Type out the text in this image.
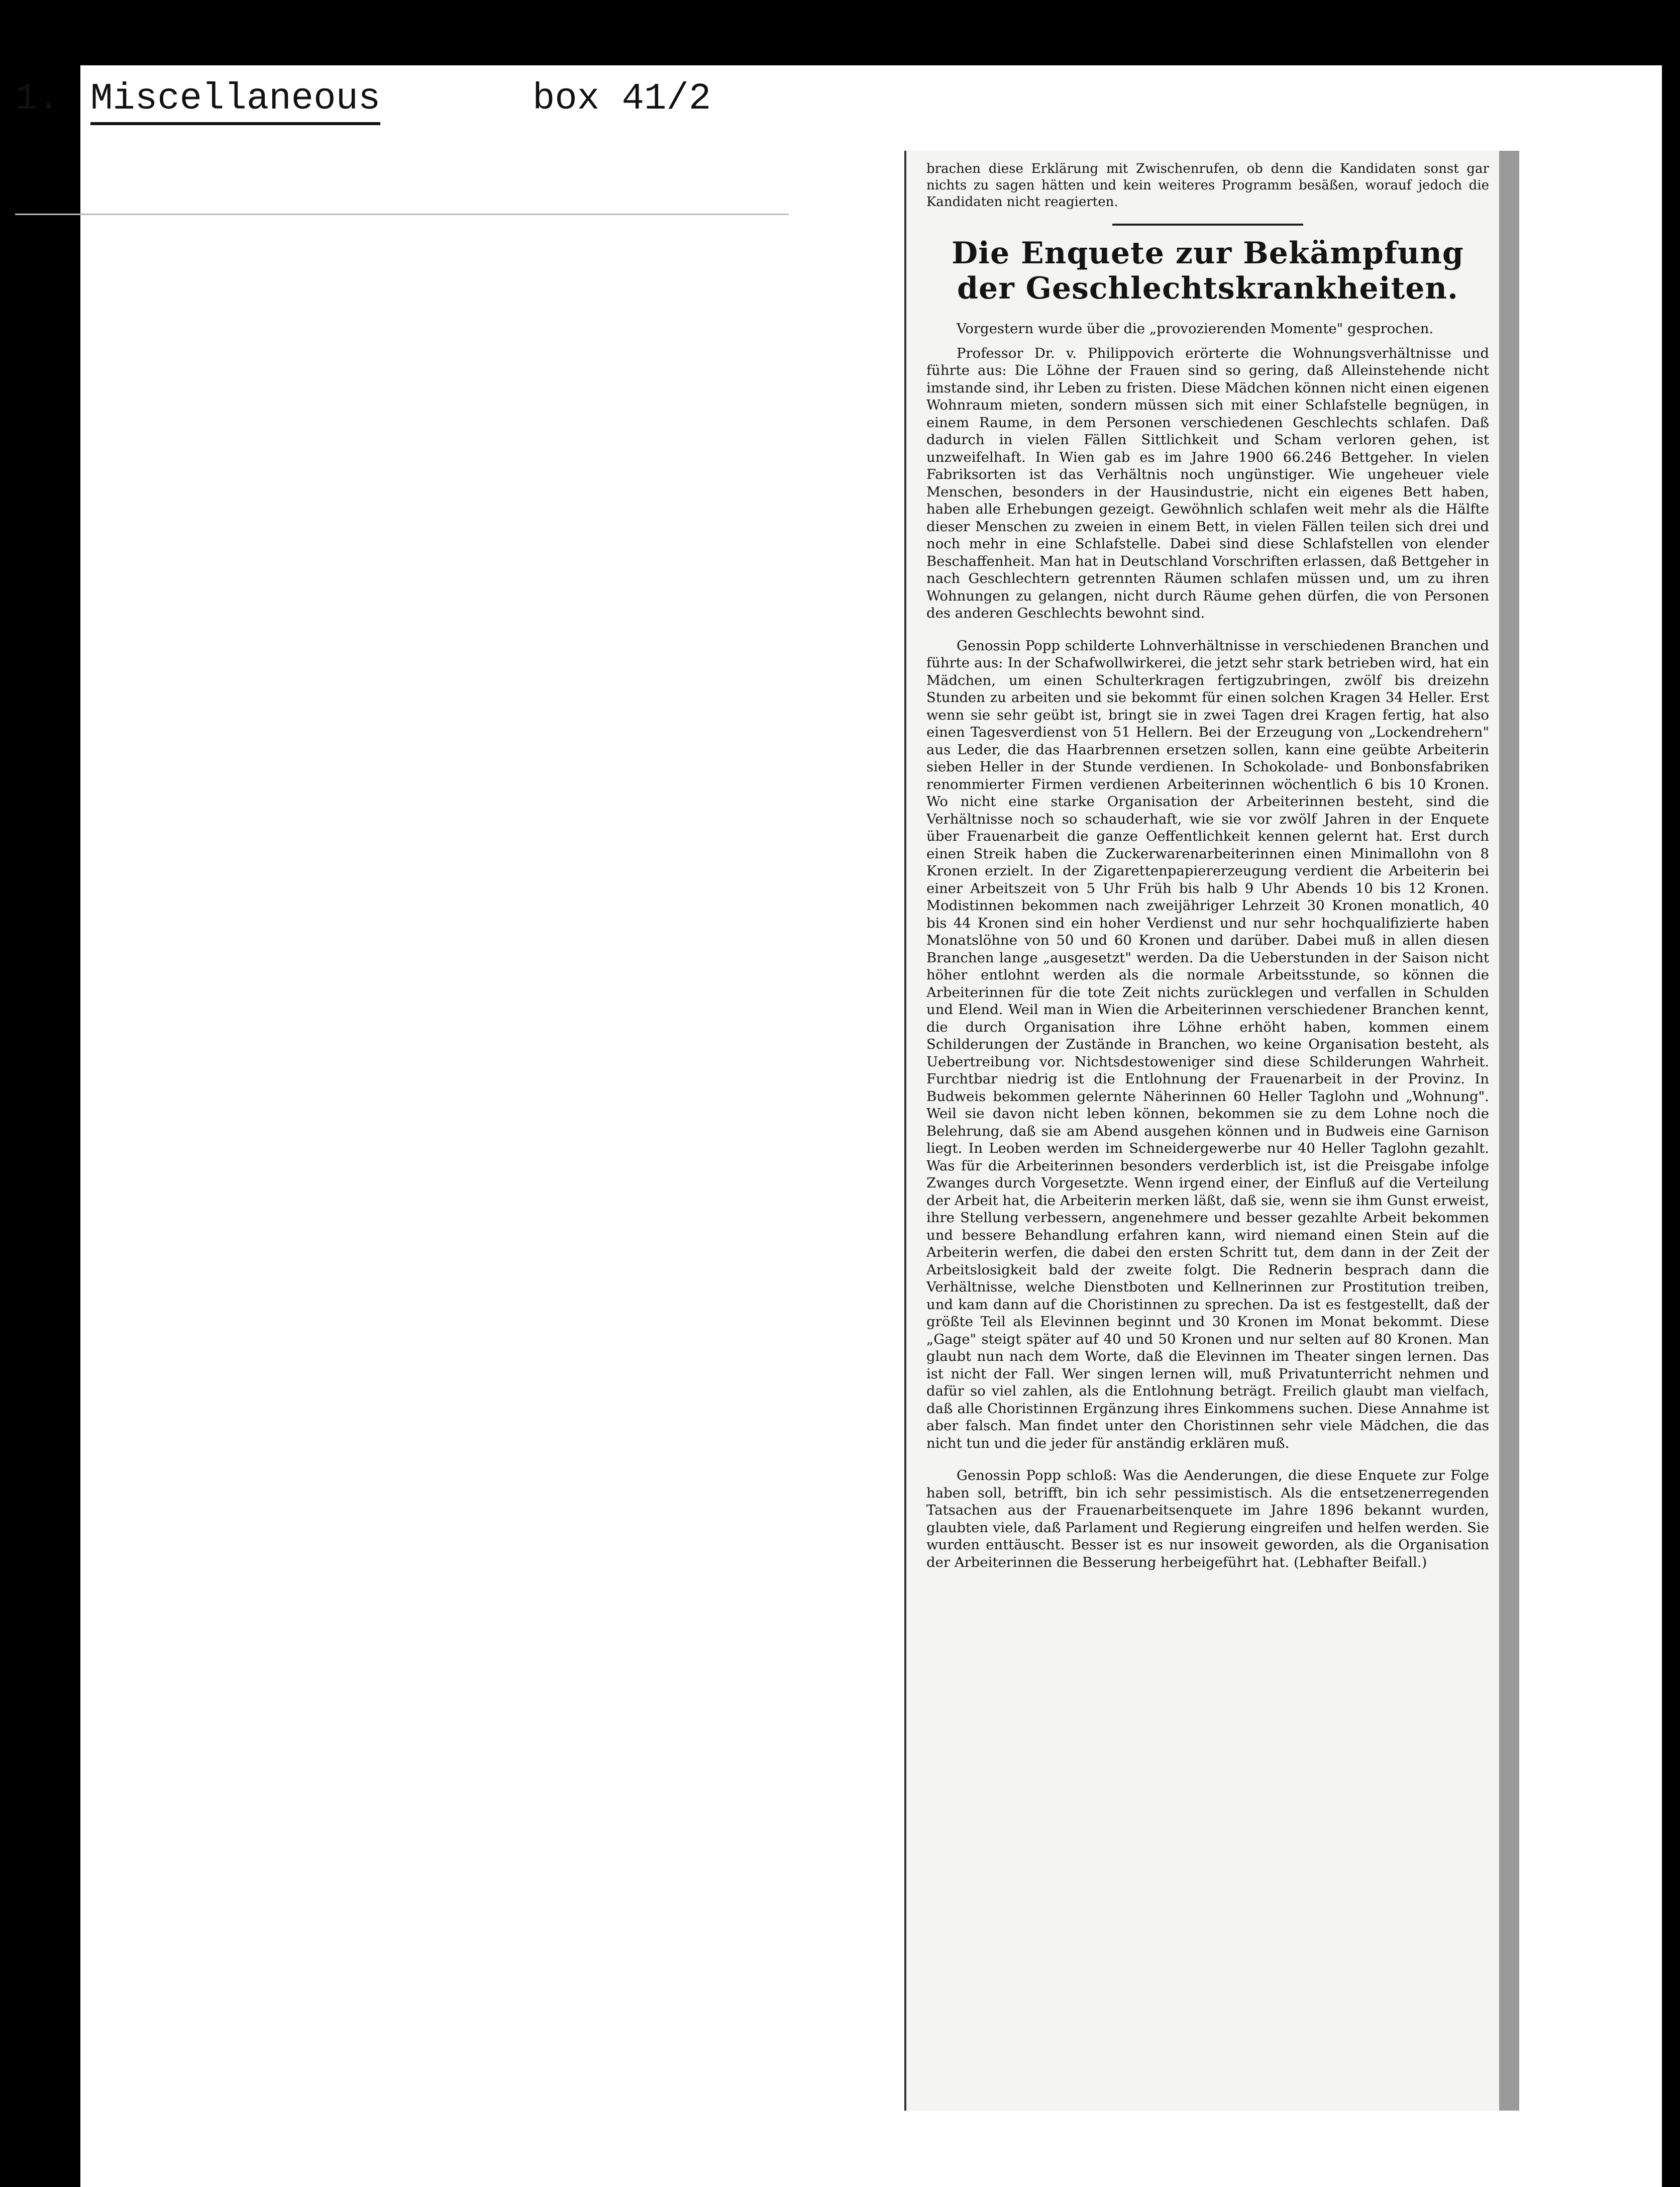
1. Miscellaneous	box 41/2

brachen diese Erklärung mit Zwischenrufen, ob denn die Kandidaten sonst gar nichts zu sagen hätten und kein weiteres Programm besäßen, worauf jedoch die Kandidaten nicht reagierten.

Die Enquete zur Bekämpfung der Geschlechtskrankheiten.

Vorgestern wurde über die „provozierenden Momente" gesprochen.

Professor Dr. v. Philippovich erörterte die Wohnungsverhältnisse und führte aus: Die Löhne der Frauen sind so gering, daß Alleinstehende nicht imstande sind, ihr Leben zu fristen. Diese Mädchen können nicht einen eigenen Wohnraum mieten, sondern müssen sich mit einer Schlafstelle begnügen, in einem Raume, in dem Personen verschiedenen Geschlechts schlafen. Daß dadurch in vielen Fällen Sittlichkeit und Scham verloren gehen, ist unzweifelhaft. In Wien gab es im Jahre 1900 66.246 Bettgeher. In vielen Fabriksorten ist das Verhältnis noch ungünstiger. Wie ungeheuer viele Menschen, besonders in der Hausindustrie, nicht ein eigenes Bett haben, haben alle Erhebungen gezeigt. Gewöhnlich schlafen weit mehr als die Hälfte dieser Menschen zu zweien in einem Bett, in vielen Fällen teilen sich drei und noch mehr in eine Schlafstelle. Dabei sind diese Schlafstellen von elender Beschaffenheit. Man hat in Deutschland Vorschriften erlassen, daß Bettgeher in nach Geschlechtern getrennten Räumen schlafen müssen und, um zu ihren Wohnungen zu gelangen, nicht durch Räume gehen dürfen, die von Personen des anderen Geschlechts bewohnt sind.

Genossin Popp schilderte Lohnverhältnisse in verschiedenen Branchen und führte aus: In der Schafwollwirkerei, die jetzt sehr stark betrieben wird, hat ein Mädchen, um einen Schulterkragen fertigzubringen, zwölf bis dreizehn Stunden zu arbeiten und sie bekommt für einen solchen Kragen 34 Heller. Erst wenn sie sehr geübt ist, bringt sie in zwei Tagen drei Kragen fertig, hat also einen Tagesverdienst von 51 Hellern. Bei der Erzeugung von „Lockendrehern" aus Leder, die das Haarbrennen ersetzen sollen, kann eine geübte Arbeiterin sieben Heller in der Stunde verdienen. In Schokolade- und Bonbonsfabriken renommierter Firmen verdienen Arbeiterinnen wöchentlich 6 bis 10 Kronen. Wo nicht eine starke Organisation der Arbeiterinnen besteht, sind die Verhältnisse noch so schauderhaft, wie sie vor zwölf Jahren in der Enquete über Frauenarbeit die ganze Oeffentlichkeit kennen gelernt hat. Erst durch einen Streik haben die Zuckerwarenarbeiterinnen einen Minimallohn von 8 Kronen erzielt. In der Zigarettenpapiererzeugung verdient die Arbeiterin bei einer Arbeitszeit von 5 Uhr Früh bis halb 9 Uhr Abends 10 bis 12 Kronen. Modistinnen bekommen nach zweijähriger Lehrzeit 30 Kronen monatlich, 40 bis 44 Kronen sind ein hoher Verdienst und nur sehr hochqualifizierte haben Monatslöhne von 50 und 60 Kronen und darüber. Dabei muß in allen diesen Branchen lange „ausgesetzt" werden. Da die Ueberstunden in der Saison nicht höher entlohnt werden als die normale Arbeitsstunde, so können die Arbeiterinnen für die tote Zeit nichts zurücklegen und verfallen in Schulden und Elend. Weil man in Wien die Arbeiterinnen verschiedener Branchen kennt, die durch Organisation ihre Löhne erhöht haben, kommen einem Schilderungen der Zustände in Branchen, wo keine Organisation besteht, als Uebertreibung vor. Nichtsdestoweniger sind diese Schilderungen Wahrheit. Furchtbar niedrig ist die Entlohnung der Frauenarbeit in der Provinz. In Budweis bekommen gelernte Näherinnen 60 Heller Taglohn und „Wohnung". Weil sie davon nicht leben können, bekommen sie zu dem Lohne noch die Belehrung, daß sie am Abend ausgehen können und in Budweis eine Garnison liegt. In Leoben werden im Schneidergewerbe nur 40 Heller Taglohn gezahlt. Was für die Arbeiterinnen besonders verderblich ist, ist die Preisgabe infolge Zwanges durch Vorgesetzte. Wenn irgend einer, der Einfluß auf die Verteilung der Arbeit hat, die Arbeiterin merken läßt, daß sie, wenn sie ihm Gunst erweist, ihre Stellung verbessern, angenehmere und besser gezahlte Arbeit bekommen und bessere Behandlung erfahren kann, wird niemand einen Stein auf die Arbeiterin werfen, die dabei den ersten Schritt tut, dem dann in der Zeit der Arbeitslosigkeit bald der zweite folgt. Die Rednerin besprach dann die Verhältnisse, welche Dienstboten und Kellnerinnen zur Prostitution treiben, und kam dann auf die Choristinnen zu sprechen. Da ist es festgestellt, daß der größte Teil als Elevinnen beginnt und 30 Kronen im Monat bekommt. Diese „Gage" steigt später auf 40 und 50 Kronen und nur selten auf 80 Kronen. Man glaubt nun nach dem Worte, daß die Elevinnen im Theater singen lernen. Das ist nicht der Fall. Wer singen lernen will, muß Privatunterricht nehmen und dafür so viel zahlen, als die Entlohnung beträgt. Freilich glaubt man vielfach, daß alle Choristinnen Ergänzung ihres Einkommens suchen. Diese Annahme ist aber falsch. Man findet unter den Choristinnen sehr viele Mädchen, die das nicht tun und die jeder für anständig erklären muß.

Genossin Popp schloß: Was die Aenderungen, die diese Enquete zur Folge haben soll, betrifft, bin ich sehr pessimistisch. Als die entsetzenerregenden Tatsachen aus der Frauenarbeitsenquete im Jahre 1896 bekannt wurden, glaubten viele, daß Parlament und Regierung eingreifen und helfen werden. Sie wurden enttäuscht. Besser ist es nur insoweit geworden, als die Organisation der Arbeiterinnen die Besserung herbeigeführt hat. (Lebhafter Beifall.)
